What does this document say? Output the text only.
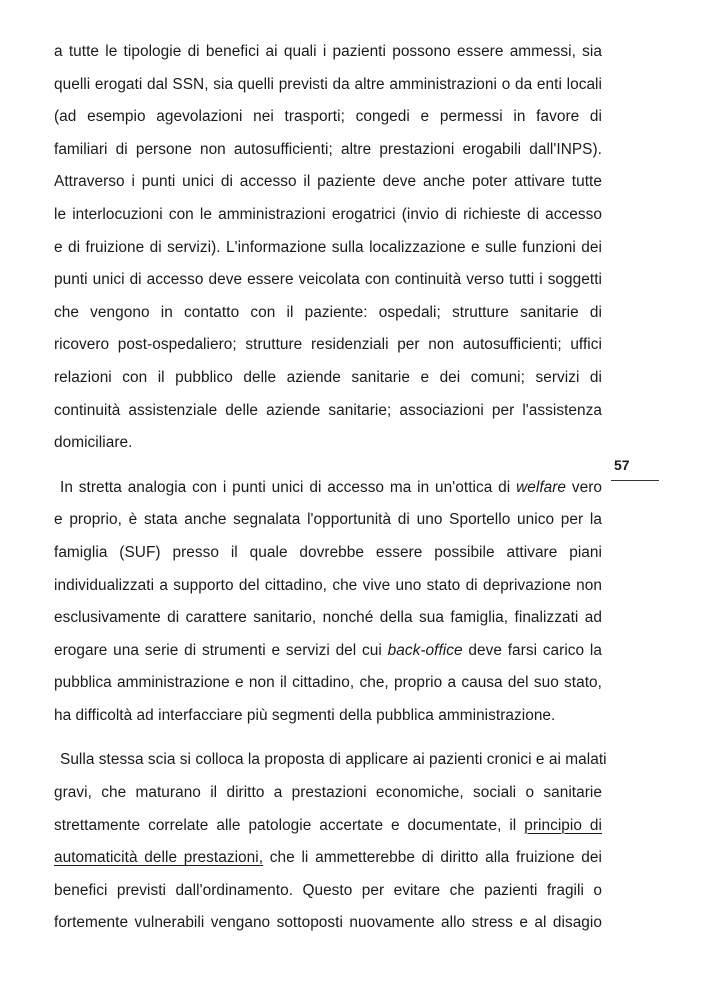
a tutte le tipologie di benefici ai quali i pazienti possono essere ammessi, sia
quelli erogati dal SSN, sia quelli previsti da altre amministrazioni o da enti locali
(ad esempio agevolazioni nei trasporti; congedi e permessi in favore di
familiari di persone non autosufficienti; altre prestazioni erogabili dall'INPS).
Attraverso i punti unici di accesso il paziente deve anche poter attivare tutte
le interlocuzioni con le amministrazioni erogatrici (invio di richieste di accesso
e di fruizione di servizi). L'informazione sulla localizzazione e sulle funzioni dei
punti unici di accesso deve essere veicolata con continuità verso tutti i soggetti
che vengono in contatto con il paziente: ospedali; strutture sanitarie di
ricovero post-ospedaliero; strutture residenziali per non autosufficienti; uffici
relazioni con il pubblico delle aziende sanitarie e dei comuni; servizi di
continuità assistenziale delle aziende sanitarie; associazioni per l'assistenza
domiciliare.
In stretta analogia con i punti unici di accesso ma in un'ottica di welfare vero
e proprio, è stata anche segnalata l'opportunità di uno Sportello unico per la
famiglia (SUF) presso il quale dovrebbe essere possibile attivare piani
individualizzati a supporto del cittadino, che vive uno stato di deprivazione non
esclusivamente di carattere sanitario, nonché della sua famiglia, finalizzati ad
erogare una serie di strumenti e servizi del cui back-office deve farsi carico la
pubblica amministrazione e non il cittadino, che, proprio a causa del suo stato,
ha difficoltà ad interfacciare più segmenti della pubblica amministrazione.
Sulla stessa scia si colloca la proposta di applicare ai pazienti cronici e ai malati
gravi, che maturano il diritto a prestazioni economiche, sociali o sanitarie
strettamente correlate alle patologie accertate e documentate, il principio di
automaticità delle prestazioni, che li ammetterebbe di diritto alla fruizione dei
benefici previsti dall'ordinamento. Questo per evitare che pazienti fragili o
fortemente vulnerabili vengano sottoposti nuovamente allo stress e al disagio
57
